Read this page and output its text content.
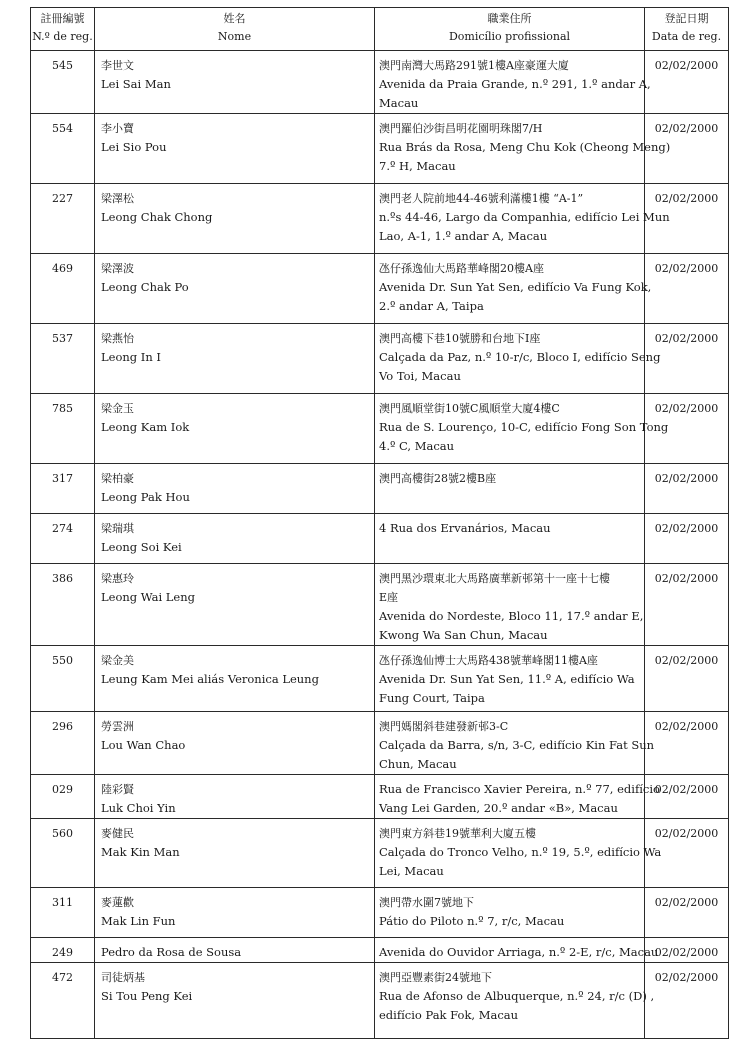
註冊編號
N.º de reg.	姓名
Nome	職業住所
Domicílio profissional	登記日期
Data de reg.

545	李世文
Lei Sai Man	澳門南灣大馬路291號1樓A座豪運大廈
Avenida da Praia Grande, n.º 291, 1.º andar A,
Macau	02/02/2000

554	李小寶
Lei Sio Pou	澳門羅伯沙街昌明花園明珠閣7/H
Rua Brás da Rosa, Meng Chu Kok (Cheong Meng)
7.º H, Macau	02/02/2000

227	梁澤松
Leong Chak Chong	澳門老人院前地44-46號利滿樓1樓 “A-1”
n.ºs 44-46, Largo da Companhia, edifício Lei Mun
Lao, A-1, 1.º andar A, Macau	02/02/2000

469	梁澤波
Leong Chak Po	氹仔孫逸仙大馬路華峰閣20樓A座
Avenida Dr. Sun Yat Sen, edifício Va Fung Kok,
2.º andar A, Taipa	02/02/2000

537	梁燕怡
Leong In I	澳門高樓下巷10號勝和台地下I座
Calçada da Paz, n.º 10-r/c, Bloco I, edifício Seng
Vo Toi, Macau	02/02/2000

785	梁金玉
Leong Kam Iok	澳門風順堂街10號C風順堂大廈4樓C
Rua de S. Lourenço, 10-C, edifício Fong Son Tong
4.º C, Macau	02/02/2000

317	梁柏豪
Leong Pak Hou	澳門高樓街28號2樓B座	02/02/2000

274	梁瑞琪
Leong Soi Kei	4 Rua dos Ervanários, Macau	02/02/2000

386	梁惠玲
Leong Wai Leng	澳門黑沙環東北大馬路廣華新邨第十一座十七樓
E座
Avenida do Nordeste, Bloco 11, 17.º andar E,
Kwong Wa San Chun, Macau	02/02/2000

550	梁金美
Leung Kam Mei aliás Veronica Leung	氹仔孫逸仙博士大馬路438號華峰閣11樓A座
Avenida Dr. Sun Yat Sen, 11.º A, edifício Wa
Fung Court, Taipa	02/02/2000

296	勞雲洲
Lou Wan Chao	澳門媽閣斜巷建發新邨3-C
Calçada da Barra, s/n, 3-C, edifício Kin Fat Sun
Chun, Macau	02/02/2000

029	陸彩賢
Luk Choi Yin	Rua de Francisco Xavier Pereira, n.º 77, edifício
Vang Lei Garden, 20.º andar «B», Macau	02/02/2000

560	麥健民
Mak Kin Man	澳門東方斜巷19號華利大廈五樓
Calçada do Tronco Velho, n.º 19, 5.º, edifício Wa
Lei, Macau	02/02/2000

311	麥蓮歡
Mak Lin Fun	澳門帶水圍7號地下
Pátio do Piloto n.º 7, r/c, Macau	02/02/2000

249	Pedro da Rosa de Sousa	Avenida do Ouvidor Arriaga, n.º 2-E, r/c, Macau	02/02/2000

472	司徒炳基
Si Tou Peng Kei	澳門亞豐素街24號地下
Rua de Afonso de Albuquerque, n.º 24, r/c (D) ,
edifício Pak Fok, Macau	02/02/2000
